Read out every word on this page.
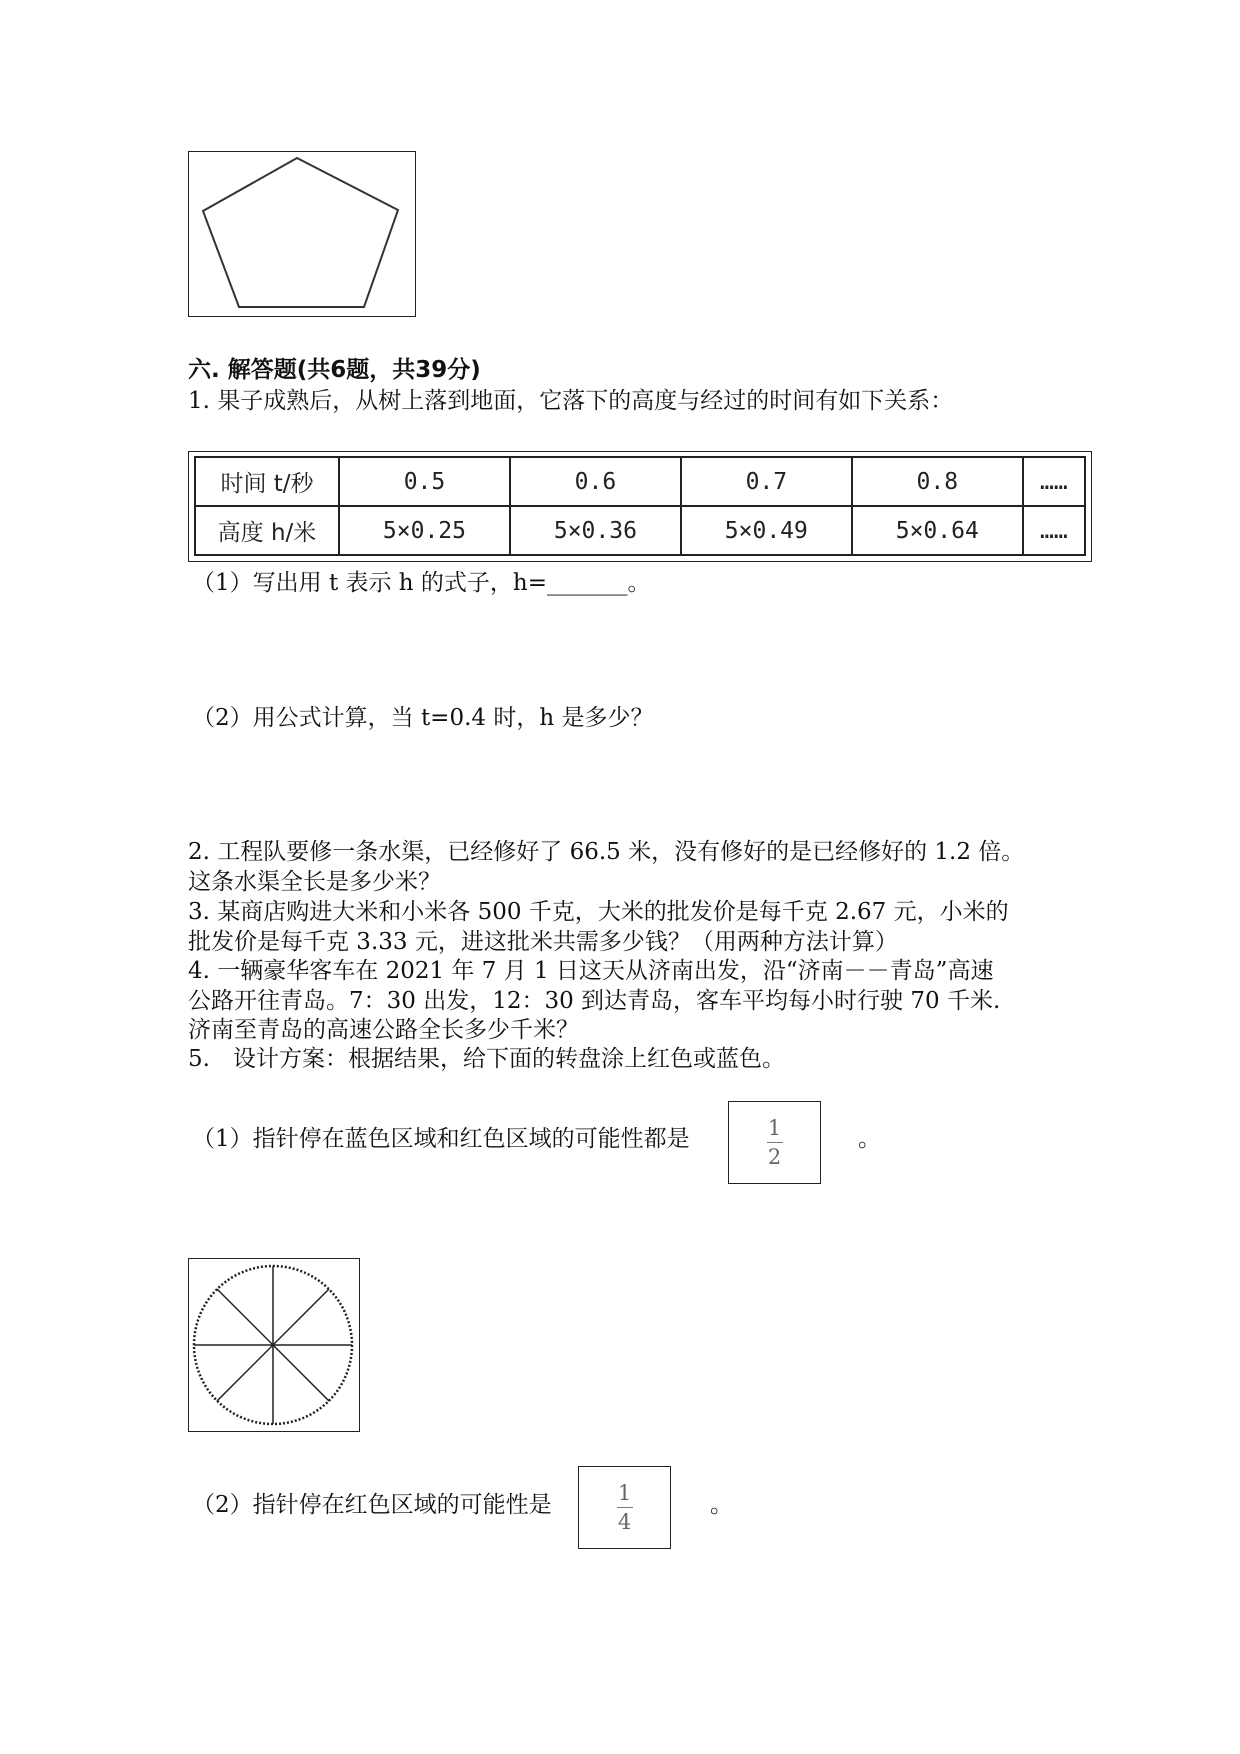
六. 解答题(共6题，共39分)
1. 果子成熟后，从树上落到地面，它落下的高度与经过的时间有如下关系：
时间 t/秒	0.5	0.6	0.7	0.8	……
高度 h/米	5×0.25	5×0.36	5×0.49	5×0.64	……
（1）写出用 t 表示 h 的式子，h=_______。
（2）用公式计算，当 t=0.4 时，h 是多少？
2. 工程队要修一条水渠，已经修好了 66.5 米，没有修好的是已经修好的 1.2 倍。
这条水渠全长是多少米？
3. 某商店购进大米和小米各 500 千克，大米的批发价是每千克 2.67 元，小米的
批发价是每千克 3.33 元，进这批米共需多少钱？（用两种方法计算）
4. 一辆豪华客车在 2021 年 7 月 1 日这天从济南出发，沿“济南－－青岛”高速
公路开往青岛。7：30 出发，12：30 到达青岛，客车平均每小时行驶 70 千米.
济南至青岛的高速公路全长多少千米？
5.　设计方案：根据结果，给下面的转盘涂上红色或蓝色。
（1）指针停在蓝色区域和红色区域的可能性都是	1
2
。
（2）指针停在红色区域的可能性是	1
4
。
